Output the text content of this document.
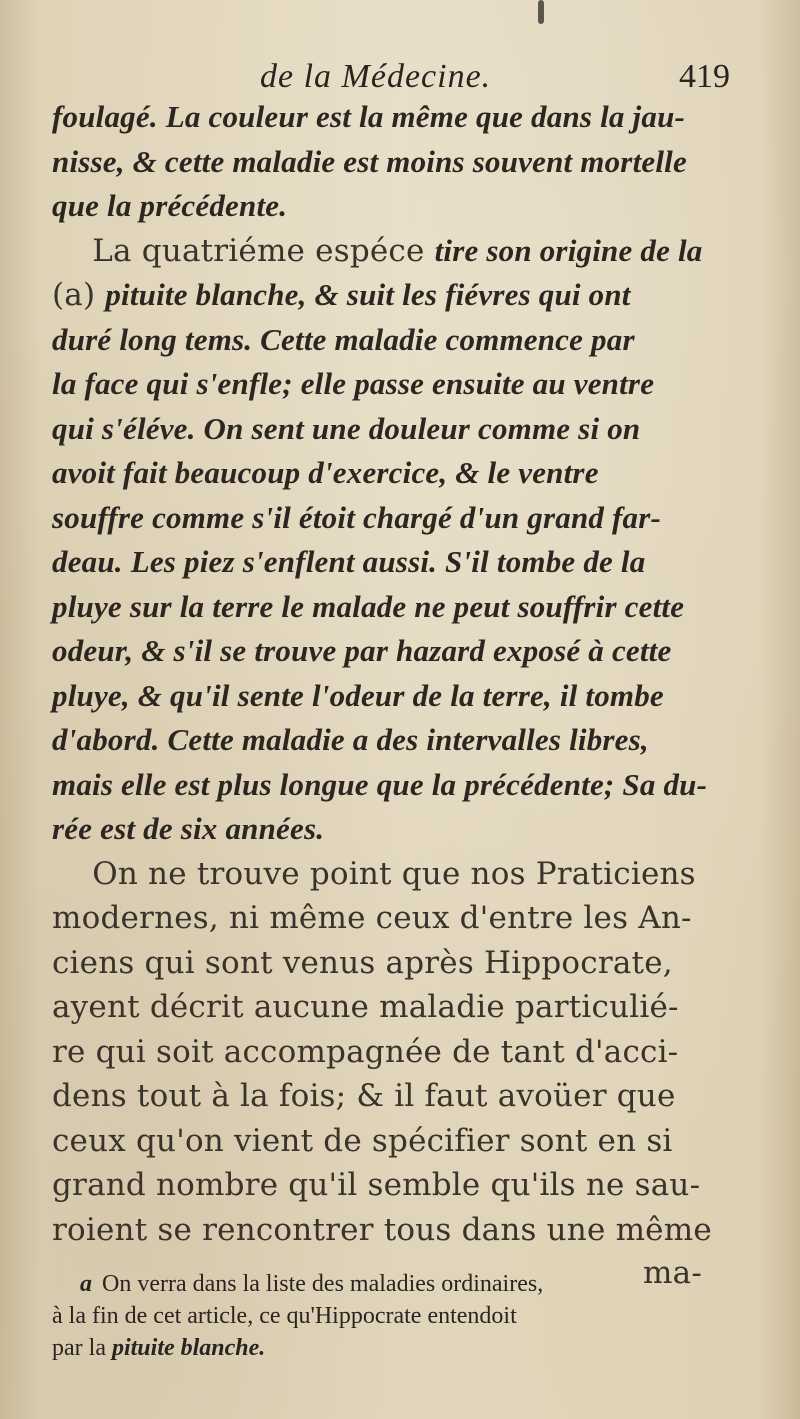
de la Médecine.	419
foulagé. La couleur est la même que dans la jau-
nisse, & cette maladie est moins souvent mortelle
que la précédente.
La quatriéme espéce tire son origine de la
(a) pituite blanche, & suit les fiévres qui ont
duré long tems. Cette maladie commence par
la face qui s'enfle; elle passe ensuite au ventre
qui s'éléve. On sent une douleur comme si on
avoit fait beaucoup d'exercice, & le ventre
souffre comme s'il étoit chargé d'un grand far-
deau. Les piez s'enflent aussi. S'il tombe de la
pluye sur la terre le malade ne peut souffrir cette
odeur, & s'il se trouve par hazard exposé à cette
pluye, & qu'il sente l'odeur de la terre, il tombe
d'abord. Cette maladie a des intervalles libres,
mais elle est plus longue que la précédente; Sa du-
rée est de six années.
On ne trouve point que nos Praticiens
modernes, ni même ceux d'entre les An-
ciens qui sont venus après Hippocrate,
ayent décrit aucune maladie particulié-
re qui soit accompagnée de tant d'acci-
dens tout à la fois; & il faut avoüer que
ceux qu'on vient de spécifier sont en si
grand nombre qu'il semble qu'ils ne sau-
roient se rencontrer tous dans une même
ma-
a On verra dans la liste des maladies ordinaires,
à la fin de cet article, ce qu'Hippocrate entendoit
par la pituite blanche.
